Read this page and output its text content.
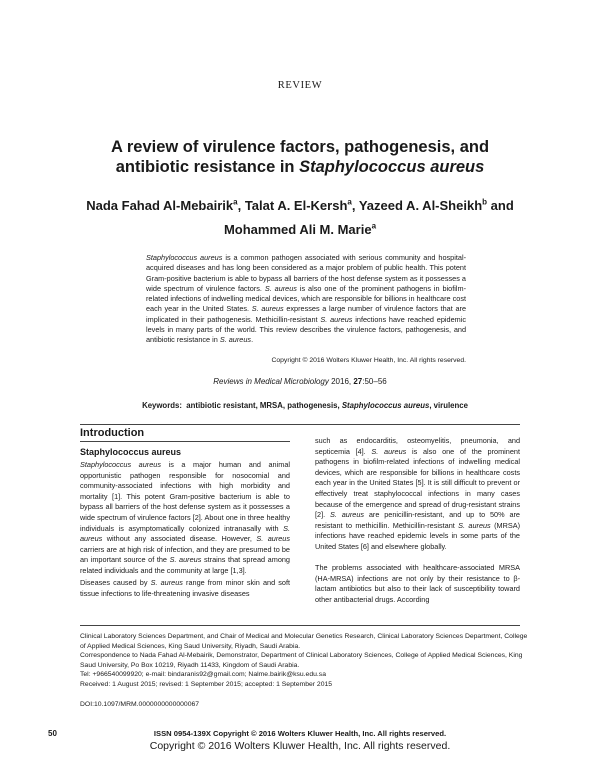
REVIEW
A review of virulence factors, pathogenesis, and
antibiotic resistance in Staphylococcus aureus
Nada Fahad Al-Mebairik$^a$, Talat A. El-Kersh$^a$, Yazeed A. Al-Sheikh$^b$ and
Mohammed Ali M. Marie$^a$
Staphylococcus aureus is a common pathogen associated with serious community and hospital-acquired diseases and has long been considered as a major problem of public health. This potent Gram-positive bacterium is able to bypass all barriers of the host defense system as it possesses a wide spectrum of virulence factors. S. aureus is also one of the prominent pathogens in biofilm-related infections of indwelling medical devices, which are responsible for billions in healthcare cost each year in the United States. S. aureus expresses a large number of virulence factors that are implicated in their pathogenesis. Methicillin-resistant S. aureus infections have reached epidemic levels in many parts of the world. This review describes the virulence factors, pathogenesis, and antibiotic resistance in S. aureus.
Copyright © 2016 Wolters Kluwer Health, Inc. All rights reserved.
Reviews in Medical Microbiology 2016, 27:50–56
Keywords: antibiotic resistant, MRSA, pathogenesis, Staphylococcus aureus, virulence
Introduction
Staphylococcus aureus

Staphylococcus aureus is a major human and animal opportunistic pathogen responsible for nosocomial and community-associated infections with high morbidity and mortality [1]. This potent Gram-positive bacterium is able to bypass all barriers of the host defense system as it possesses a wide spectrum of virulence factors [2]. About one in three healthy individuals is asymptomatically colonized intranasally with S. aureus without any associated disease. However, S. aureus carriers are at high risk of infection, and they are presumed to be an important source of the S. aureus strains that spread among related individuals and the community at large [1,3].

Diseases caused by S. aureus range from minor skin and soft tissue infections to life-threatening invasive diseases

such as endocarditis, osteomyelitis, pneumonia, and septicemia [4]. S. aureus is also one of the prominent pathogens in biofilm-related infections of indwelling medical devices, which are responsible for billions in healthcare costs each year in the United States [5]. It is still difficult to prevent or effectively treat staphylococcal infections in many cases because of the emergence and spread of drug-resistant strains [2]. S. aureus are penicillin-resistant, and up to 50% are resistant to methicillin. Methicillin-resistant S. aureus (MRSA) infections have reached epidemic levels in some parts of the United States [6] and elsewhere globally.

The problems associated with healthcare-associated MRSA (HA-MRSA) infections are not only by their resistance to β-lactam antibiotics but also to their lack of susceptibility toward other antibacterial drugs. According

Clinical Laboratory Sciences Department, and Chair of Medical and Molecular Genetics Research, Clinical Laboratory Sciences Department, College of Applied Medical Sciences, King Saud University, Riyadh, Saudi Arabia.
Correspondence to Nada Fahad Al-Mebairik, Demonstrator, Department of Clinical Laboratory Sciences, College of Applied Medical Sciences, King Saud University, Po Box 10219, Riyadh 11433, Kingdom of Saudi Arabia.
Tel: +966540099920; e-mail: bindaranis92@gmail.com; Nalme.bairik@ksu.edu.sa
Received: 1 August 2015; revised: 1 September 2015; accepted: 1 September 2015
DOI:10.1097/MRM.0000000000000067
50	ISSN 0954-139X Copyright © 2016 Wolters Kluwer Health, Inc. All rights reserved.
Copyright © 2016 Wolters Kluwer Health, Inc. All rights reserved.
